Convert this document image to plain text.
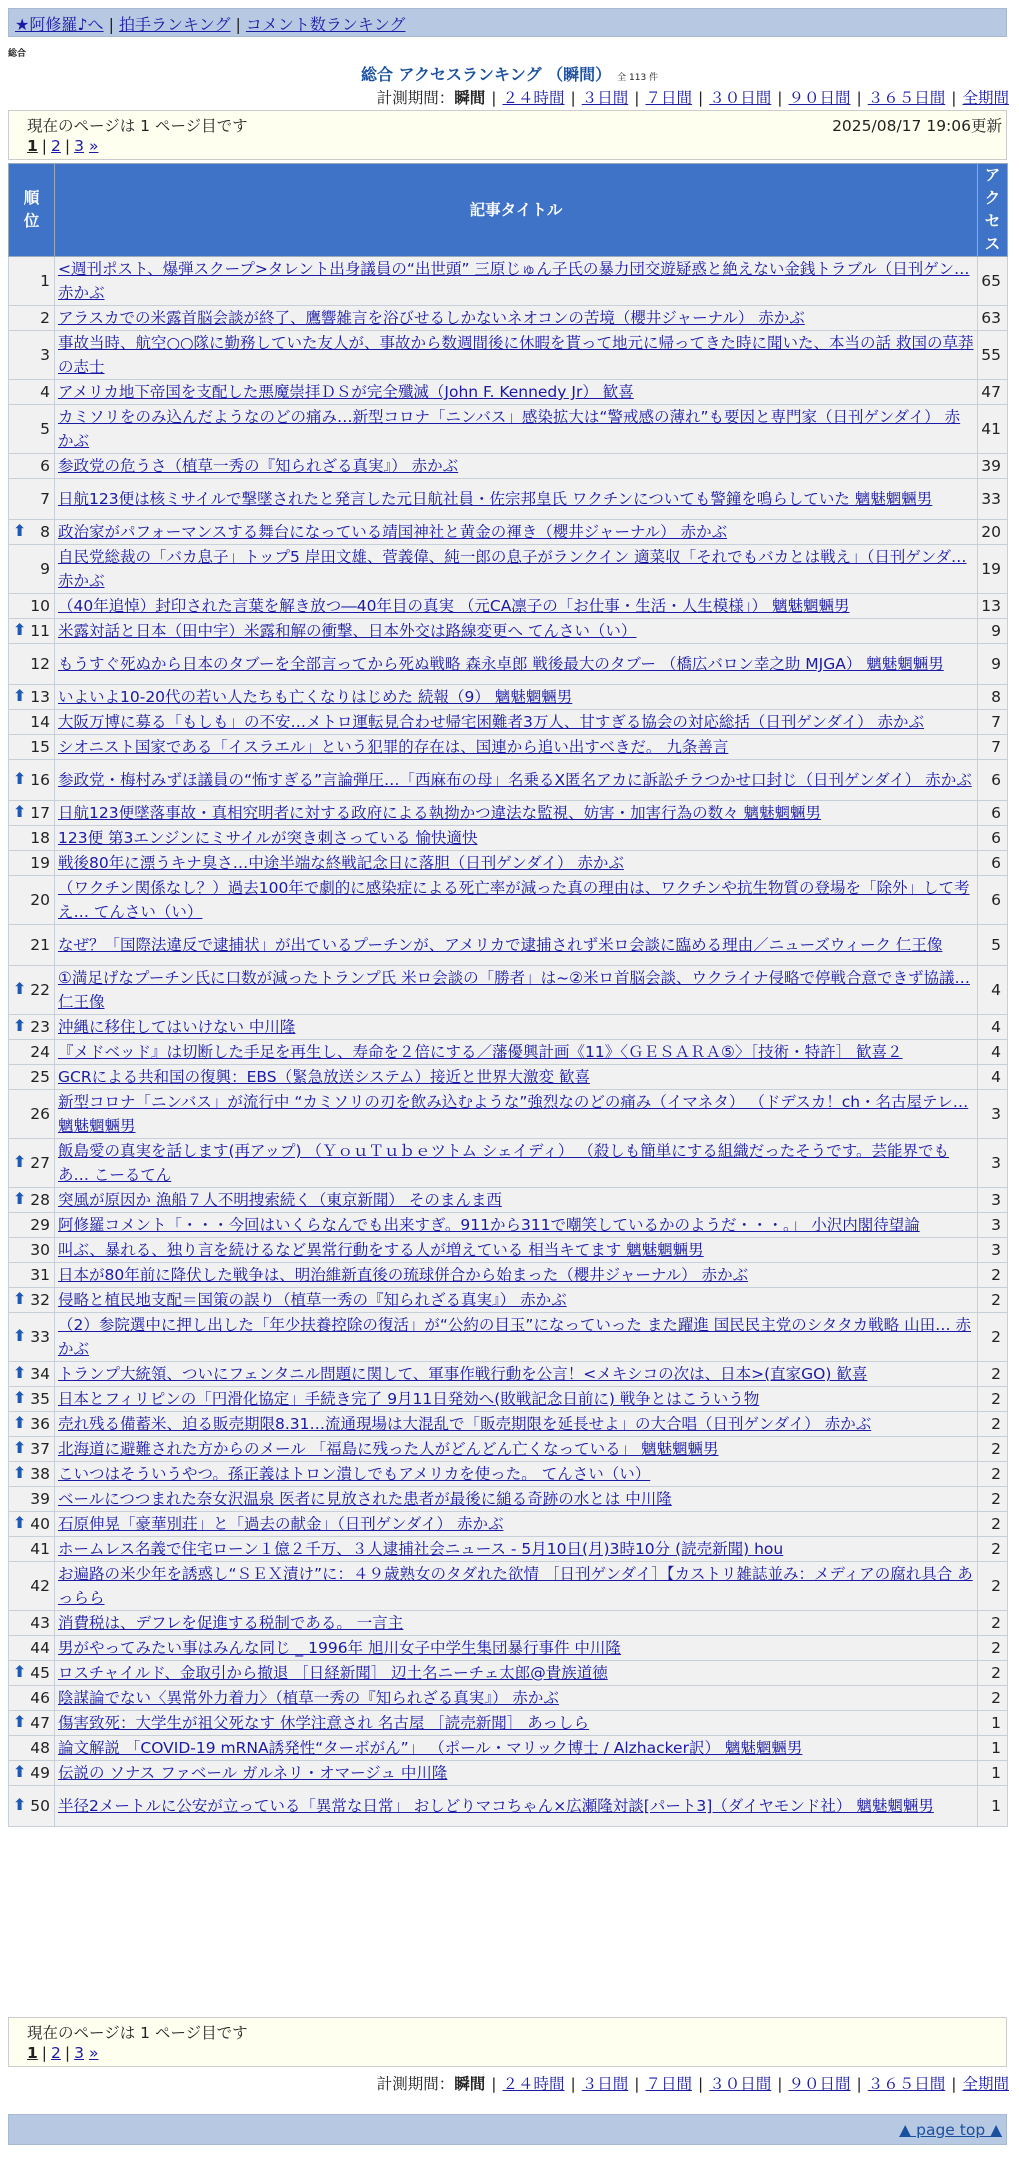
★阿修羅♪へ | 拍手ランキング | コメント数ランキング
総合
総合 アクセスランキング （瞬間） 全 113 件
計測期間：瞬間 | ２４時間 | ３日間 | ７日間 | ３０日間 | ９０日間 | ３６５日間 | 全期間
現在のページは 1 ページ目です	2025/08/17 19:06更新
1 | 2 | 3 »
順位	記事タイトル	アクセス
1	<週刊ポスト、爆弾スクープ>タレント出身議員の“出世頭” 三原じゅん子氏の暴力団交遊疑惑と絶えない金銭トラブル（日刊ゲン… 赤かぶ	65
2	アラスカでの米露首脳会談が終了、鷹響雑言を浴びせるしかないネオコンの苦境（櫻井ジャーナル） 赤かぶ	63
3	事故当時、航空○○隊に勤務していた友人が、事故から数週間後に休暇を貰って地元に帰ってきた時に聞いた、本当の話 救国の草莽の志士	55
4	アメリカ地下帝国を支配した悪魔崇拝ＤＳが完全殲滅（John F. Kennedy Jr） 歓喜	47
5	カミソリをのみ込んだようなのどの痛み…新型コロナ「ニンバス」感染拡大は“警戒感の薄れ”も要因と専門家（日刊ゲンダイ） 赤かぶ	41
6	参政党の危うさ（植草一秀の『知られざる真実』） 赤かぶ	39
7	日航123便は核ミサイルで撃墜されたと発言した元日航社員・佐宗邦皇氏 ワクチンについても警鐘を鳴らしていた 魑魅魍魎男	33

⬆ 8	政治家がパフォーマンスする舞台になっている靖国神社と黄金の褌き（櫻井ジャーナル） 赤かぶ	20
9	自民党総裁の「バカ息子」トップ5 岸田文雄、菅義偉、純一郎の息子がランクイン 適菜収「それでもバカとは戦え」（日刊ゲンダ… 赤かぶ	19
10	（40年追悼）封印された言葉を解き放つ―40年目の真実 （元CA凛子の「お仕事・生活・人生模様」） 魑魅魍魎男	13

⬆ 11	米露対話と日本（田中宇）米露和解の衝撃、日本外交は路線変更へ てんさい（い）	9
12	もうすぐ死ぬから日本のタブーを全部言ってから死ぬ戦略 森永卓郎 戦後最大のタブー （橋広バロン幸之助 MJGA） 魑魅魍魎男	9

⬆ 13	いよいよ10-20代の若い人たちも亡くなりはじめた 続報（9） 魑魅魍魎男	8
14	大阪万博に募る「もしも」の不安…メトロ運転見合わせ帰宅困難者3万人、甘すぎる協会の対応総括（日刊ゲンダイ） 赤かぶ	7
15	シオニスト国家である「イスラエル」という犯罪的存在は、国連から追い出すべきだ。 九条善言	7

⬆ 16	参政党・梅村みずほ議員の“怖すぎる”言論弾圧…「西麻布の母」名乗るX匿名アカに訴訟チラつかせ口封じ（日刊ゲンダイ） 赤かぶ	6

⬆ 17	日航123便墜落事故・真相究明者に対する政府による執拗かつ違法な監視、妨害・加害行為の数々 魑魅魍魎男	6
18	123便 第3エンジンにミサイルが突き刺さっている 愉快適快	6
19	戦後80年に漂うキナ臭さ…中途半端な終戦記念日に落胆（日刊ゲンダイ） 赤かぶ	6
20	（ワクチン関係なし？）過去100年で劇的に感染症による死亡率が減った真の理由は、ワクチンや抗生物質の登場を「除外」して考え… てんさい（い）	6
21	なぜ？「国際法違反で逮捕状」が出ているプーチンが、アメリカで逮捕されず米ロ会談に臨める理由／ニューズウィーク 仁王像	5

⬆ 22	①満足げなプーチン氏に口数が減ったトランプ氏 米ロ会談の「勝者」は~②米ロ首脳会談、ウクライナ侵略で停戦合意できず協議… 仁王像	4

⬆ 23	沖縄に移住してはいけない 中川隆	4
24	『メドベッド』は切断した手足を再生し、寿命を２倍にする／藩優興計画《11》〈ＧＥＳＡＲＡ⑤〉［技術・特許］ 歓喜２	4
25	GCRによる共和国の復興：EBS（緊急放送システム）接近と世界大激変 歓喜	4
26	新型コロナ「ニンバス」が流行中 “カミソリの刃を飲み込むような”強烈なのどの痛み（イマネタ） （ドデスカ！ch・名古屋テレ… 魑魅魍魎男	3

⬆ 27	飯島愛の真実を話します(再アップ) （ＹｏｕＴｕｂｅツトム シェイディ） （殺しも簡単にする組織だったそうです。芸能界でもあ… こーるてん	3

⬆ 28	突風が原因か 漁船７人不明捜索続く（東京新聞） そのまんま西	3
29	阿修羅コメント「・・・今回はいくらなんでも出来すぎ。911から311で嘲笑しているかのようだ・・・。」 小沢内閣待望論	3
30	叫ぶ、暴れる、独り言を続けるなど異常行動をする人が増えている 相当キてます 魑魅魍魎男	3
31	日本が80年前に降伏した戦争は、明治維新直後の琉球併合から始まった（櫻井ジャーナル） 赤かぶ	2

⬆ 32	侵略と植民地支配＝国策の誤り（植草一秀の『知られざる真実』） 赤かぶ	2

⬆ 33	（2）参院選中に押し出した「年少扶養控除の復活」が“公約の目玉”になっていった また躍進 国民民主党のシタタカ戦略 山田… 赤かぶ	2

⬆ 34	トランプ大統領、ついにフェンタニル問題に関して、軍事作戦行動を公言！<メキシコの次は、日本>(直家GO) 歓喜	2

⬆ 35	日本とフィリピンの「円滑化協定」手続き完了 9月11日発効へ(敗戦記念日前に) 戦争とはこういう物	2

⬆ 36	売れ残る備蓄米、迫る販売期限8.31…流通現場は大混乱で「販売期限を延長せよ」の大合唱（日刊ゲンダイ） 赤かぶ	2

⬆ 37	北海道に避難された方からのメール 「福島に残った人がどんどん亡くなっている」 魑魅魍魎男	2

⬆ 38	こいつはそういうやつ。孫正義はトロン潰しでもアメリカを使った。 てんさい（い）	2
39	ベールにつつまれた奈女沢温泉 医者に見放された患者が最後に縋る奇跡の水とは 中川隆	2

⬆ 40	石原伸晃「豪華別荘」と「過去の献金」（日刊ゲンダイ） 赤かぶ	2
41	ホームレス名義で住宅ローン１億２千万、３人逮捕社会ニュース - 5月10日(月)3時10分 (読売新聞) hou	2
42	お遍路の米少年を誘惑し“ＳＥＸ漬け”に：４９歳熟女のタダれた欲情 ［日刊ゲンダイ］【カストリ雑誌並み：メディアの腐れ具合 あっらら	2
43	消費税は、デフレを促進する税制である。 一言主	2
44	男がやってみたい事はみんな同じ _ 1996年 旭川女子中学生集団暴行事件 中川隆	2

⬆ 45	ロスチャイルド、金取引から撤退 ［日経新聞］ 辺土名ニーチェ太郎@貴族道徳	2
46	陰謀論でない〈異常外力着力〉（植草一秀の『知られざる真実』） 赤かぶ	2

⬆ 47	傷害致死：大学生が祖父死なす 休学注意され 名古屋 ［読売新聞］ あっしら	1
48	論文解説 「COVID-19 mRNA誘発性“ターボがん”」 （ポール・マリック博士 / Alzhacker訳） 魑魅魍魎男	1

⬆ 49	伝説の ソナス ファベール ガルネリ・オマージュ 中川隆	1

⬆ 50	半径2メートルに公安が立っている「異常な日常」 おしどりマコちゃん×広瀬隆対談[パート3]（ダイヤモンド社） 魑魅魍魎男	1
現在のページは 1 ページ目です
1 | 2 | 3 »
計測期間：瞬間 | ２４時間 | ３日間 | ７日間 | ３０日間 | ９０日間 | ３６５日間 | 全期間
▲ page top ▲
